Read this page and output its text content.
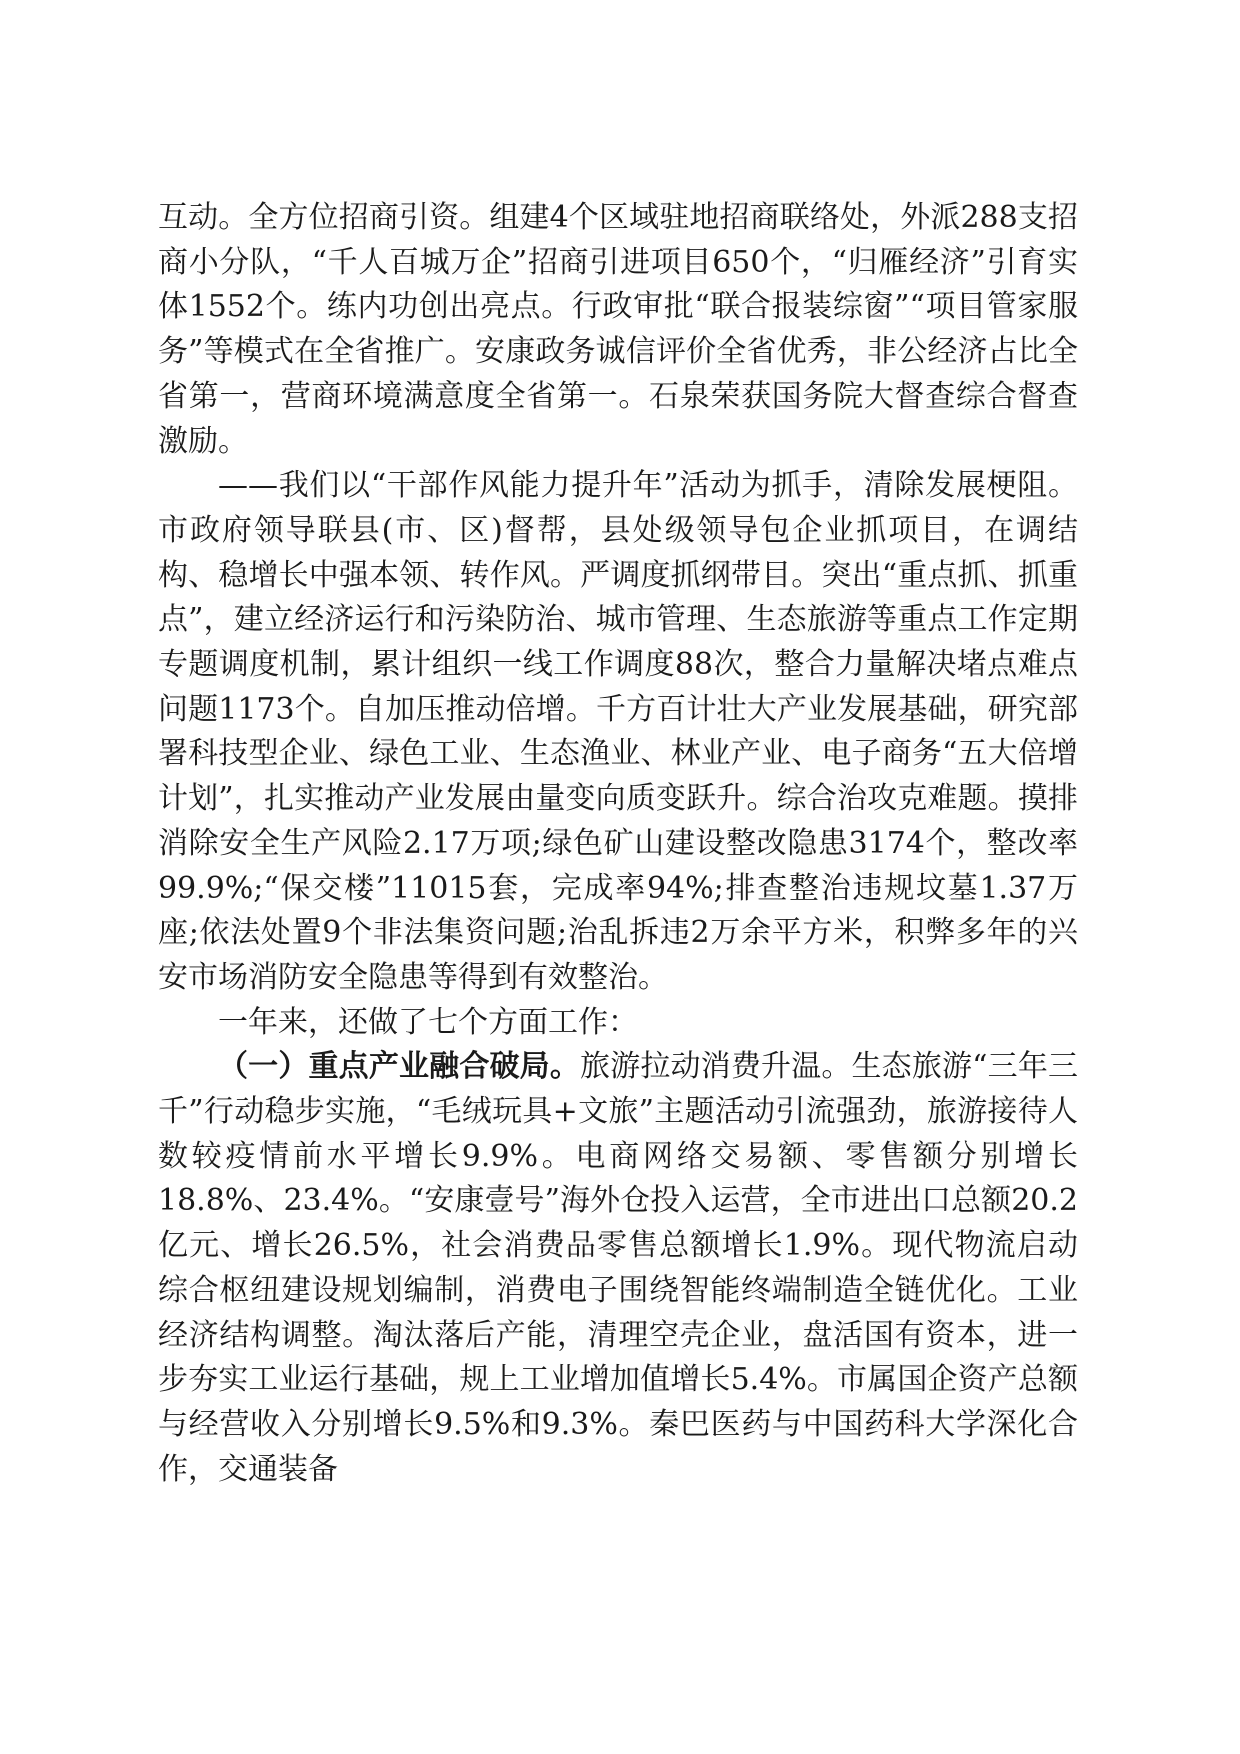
互动。全方位招商引资。组建4个区域驻地招商联络处，外派288支招商小分队，“千人百城万企”招商引进项目650个，“归雁经济”引育实体1552个。练内功创出亮点。行政审批“联合报装综窗”“项目管家服务”等模式在全省推广。安康政务诚信评价全省优秀，非公经济占比全省第一，营商环境满意度全省第一。石泉荣获国务院大督查综合督查激励。

——我们以“干部作风能力提升年”活动为抓手，清除发展梗阻。市政府领导联县(市、区)督帮，县处级领导包企业抓项目，在调结构、稳增长中强本领、转作风。严调度抓纲带目。突出“重点抓、抓重点”，建立经济运行和污染防治、城市管理、生态旅游等重点工作定期专题调度机制，累计组织一线工作调度88次，整合力量解决堵点难点问题1173个。自加压推动倍增。千方百计壮大产业发展基础，研究部署科技型企业、绿色工业、生态渔业、林业产业、电子商务“五大倍增计划”，扎实推动产业发展由量变向质变跃升。综合治攻克难题。摸排消除安全生产风险2.17万项;绿色矿山建设整改隐患3174个，整改率99.9%;“保交楼”11015套，完成率94%;排查整治违规坟墓1.37万座;依法处置9个非法集资问题;治乱拆违2万余平方米，积弊多年的兴安市场消防安全隐患等得到有效整治。

一年来，还做了七个方面工作：

（一）重点产业融合破局。旅游拉动消费升温。生态旅游“三年三千”行动稳步实施，“毛绒玩具+文旅”主题活动引流强劲，旅游接待人数较疫情前水平增长9.9%。电商网络交易额、零售额分别增长18.8%、23.4%。“安康壹号”海外仓投入运营，全市进出口总额20.2亿元、增长26.5%，社会消费品零售总额增长1.9%。现代物流启动综合枢纽建设规划编制，消费电子围绕智能终端制造全链优化。工业经济结构调整。淘汰落后产能，清理空壳企业，盘活国有资本，进一步夯实工业运行基础，规上工业增加值增长5.4%。市属国企资产总额与经营收入分别增长9.5%和9.3%。秦巴医药与中国药科大学深化合作，交通装备
